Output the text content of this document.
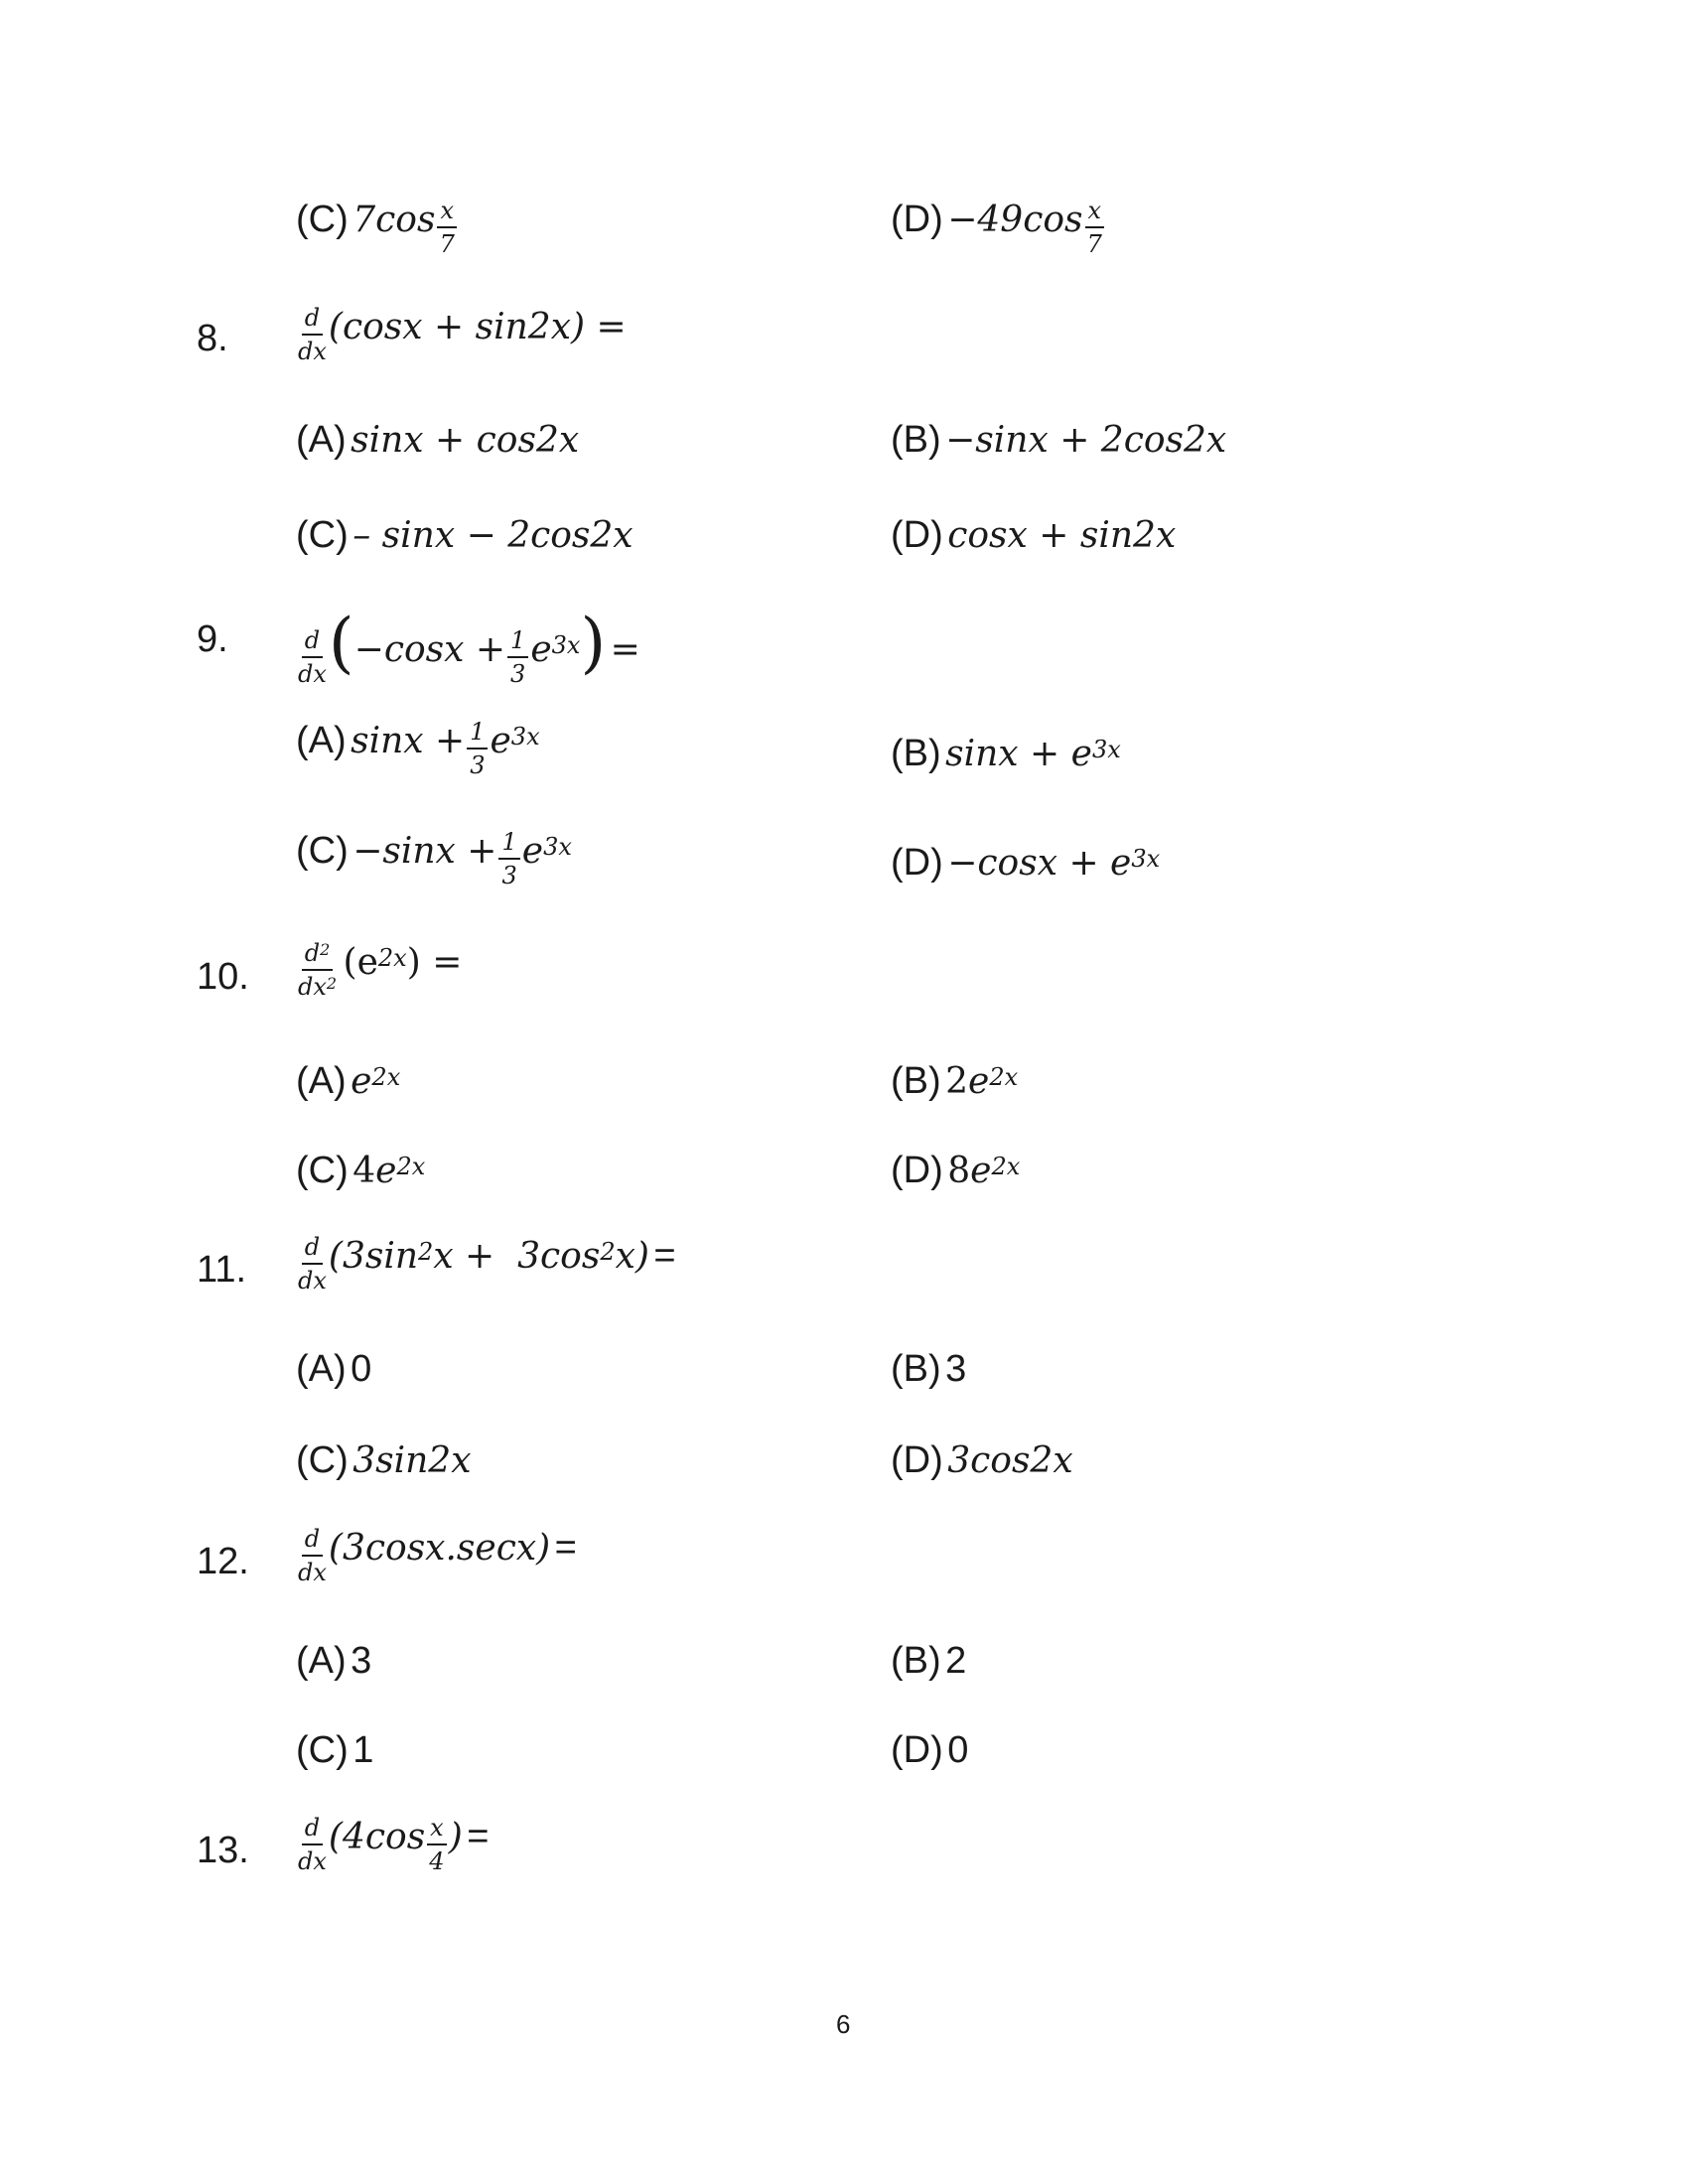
(C) $7\cos \frac{x}{7}$	$(D) -49\cos \frac{x}{7}$
8.	$\frac{d}{dx} (\cos x + \sin 2x)$ =
(A) sinx + cos2x	(B) −sinx + 2cos2x
(C) – sinx − 2cos2x	(D) cosx + sin2x
9.	$\frac{d}{dx} (-\cos x + \frac{1}{3} e^{3x})$ =
(A) $\sin x + \frac{1}{3} e^{3x}$	(B) $\sin x + e^{3x}$
$(C) -\sin x + \frac{1}{3} e^{3x}$	$(D) -\cos x + e^{3x}$
10. $\frac{d^2}{dx^2} (e^{2x})$ =
(A) $e^{2x}$	(B) $2e^{2x}$
(C) $4e^{2x}$	(D) $8e^{2x}$
11. $\frac{d}{dx} (3\sin^2x + 3\cos^2x)$ =
(A) 0	(B) 3
(C) 3sin2x	(D) 3cos2x
12. $\frac{d}{dx} (3\cos x.\sec x)$ =
(A) 3	(B) 2
(C) 1	(D) 0
13. $\frac{d}{dx} (4\cos \frac{x}{4}$ ) =
6
